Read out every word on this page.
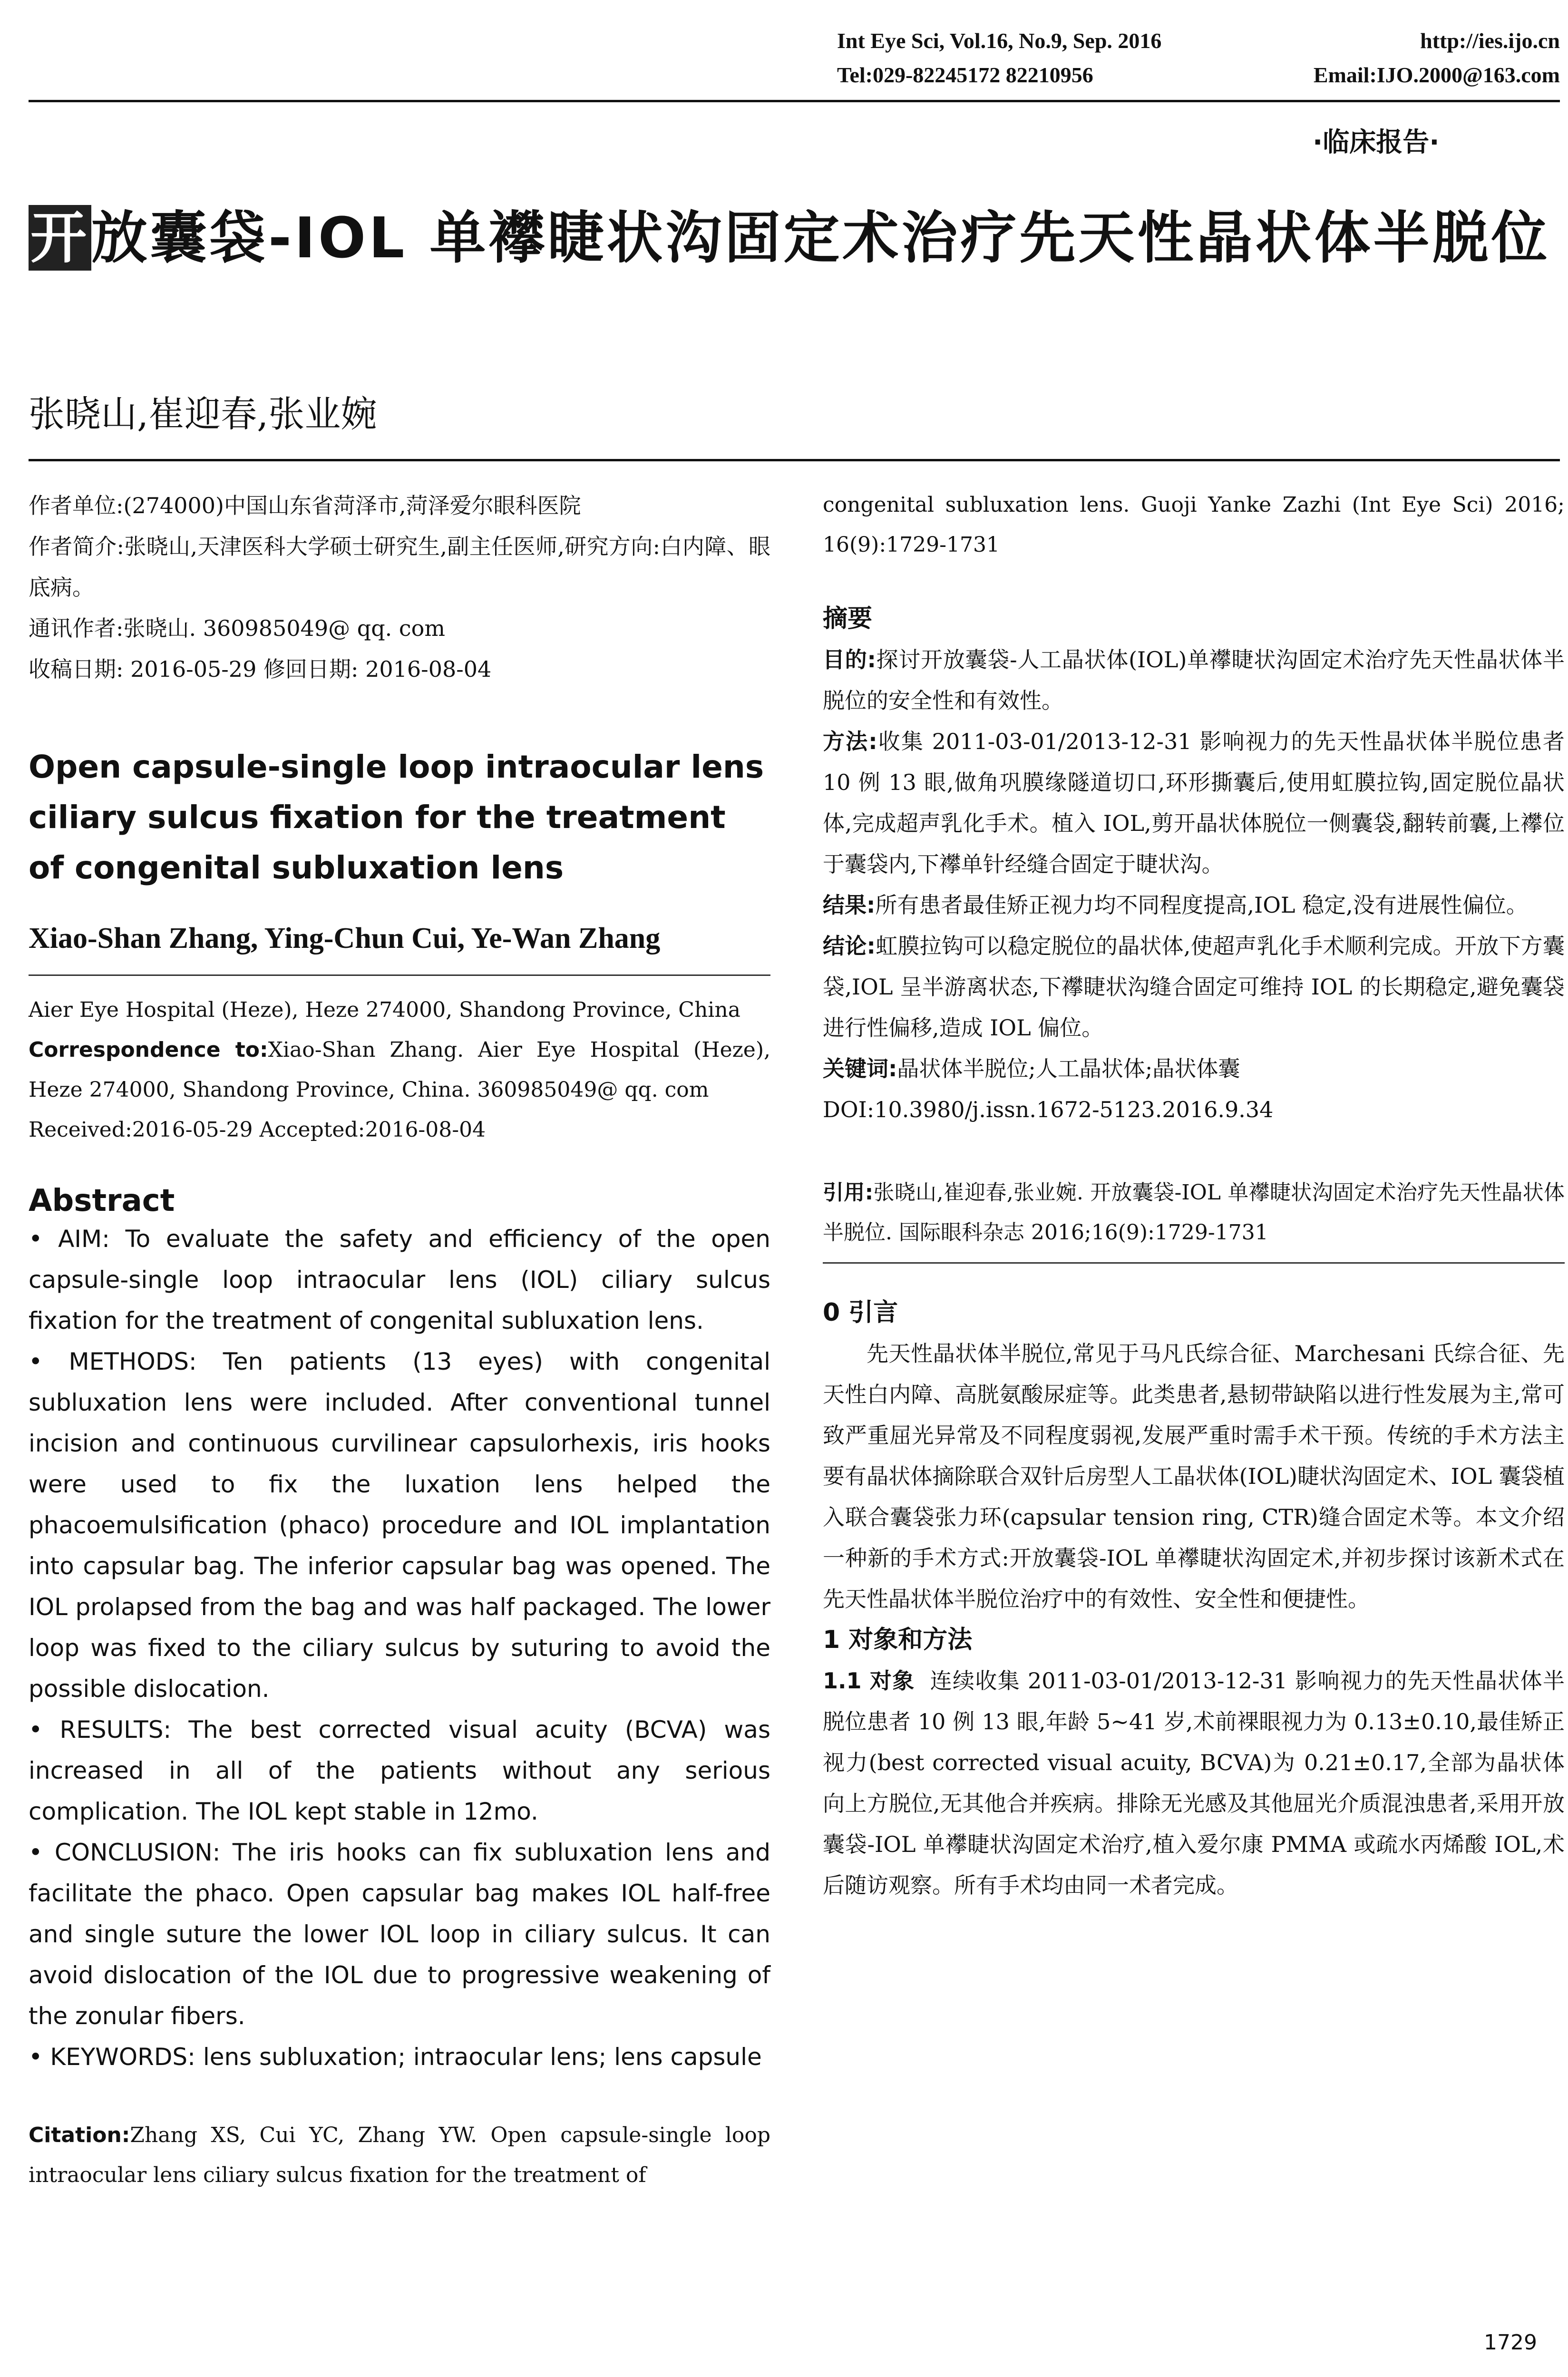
Int Eye Sci, Vol.16, No.9, Sep. 2016	http://ies.ijo.cn
Tel:029-82245172 82210956	Email:IJO.2000@163.com
·临床报告·
开放囊袋-IOL 单襻睫状沟固定术治疗先天性晶状体半脱位
张晓山,崔迎春,张业婉

作者单位:(274000)中国山东省菏泽市,菏泽爱尔眼科医院

作者简介:张晓山,天津医科大学硕士研究生,副主任医师,研究方向:白内障、眼底病。

通讯作者:张晓山. 360985049@ qq. com

收稿日期: 2016-05-29 修回日期: 2016-08-04

Open capsule-single loop intraocular lens ciliary sulcus fixation for the treatment of congenital subluxation lens

Xiao-Shan Zhang, Ying-Chun Cui, Ye-Wan Zhang

Aier Eye Hospital (Heze), Heze 274000, Shandong Province, China

Correspondence to:Xiao-Shan Zhang. Aier Eye Hospital (Heze), Heze 274000, Shandong Province, China. 360985049@ qq. com

Received:2016-05-29 Accepted:2016-08-04

Abstract

• AIM: To evaluate the safety and efficiency of the open capsule-single loop intraocular lens (IOL) ciliary sulcus fixation for the treatment of congenital subluxation lens.

• METHODS: Ten patients (13 eyes) with congenital subluxation lens were included. After conventional tunnel incision and continuous curvilinear capsulorhexis, iris hooks were used to fix the luxation lens helped the phacoemulsification (phaco) procedure and IOL implantation into capsular bag. The inferior capsular bag was opened. The IOL prolapsed from the bag and was half packaged. The lower loop was fixed to the ciliary sulcus by suturing to avoid the possible dislocation.

• RESULTS: The best corrected visual acuity (BCVA) was increased in all of the patients without any serious complication. The IOL kept stable in 12mo.

• CONCLUSION: The iris hooks can fix subluxation lens and facilitate the phaco. Open capsular bag makes IOL half-free and single suture the lower IOL loop in ciliary sulcus. It can avoid dislocation of the IOL due to progressive weakening of the zonular fibers.

• KEYWORDS: lens subluxation; intraocular lens; lens capsule

Citation:Zhang XS, Cui YC, Zhang YW. Open capsule-single loop intraocular lens ciliary sulcus fixation for the treatment of

congenital subluxation lens. Guoji Yanke Zazhi (Int Eye Sci) 2016; 16(9):1729-1731

摘要

目的:探讨开放囊袋-人工晶状体(IOL)单襻睫状沟固定术治疗先天性晶状体半脱位的安全性和有效性。

方法:收集 2011-03-01/2013-12-31 影响视力的先天性晶状体半脱位患者 10 例 13 眼,做角巩膜缘隧道切口,环形撕囊后,使用虹膜拉钩,固定脱位晶状体,完成超声乳化手术。植入 IOL,剪开晶状体脱位一侧囊袋,翻转前囊,上襻位于囊袋内,下襻单针经缝合固定于睫状沟。

结果:所有患者最佳矫正视力均不同程度提高,IOL 稳定,没有进展性偏位。

结论:虹膜拉钩可以稳定脱位的晶状体,使超声乳化手术顺利完成。开放下方囊袋,IOL 呈半游离状态,下襻睫状沟缝合固定可维持 IOL 的长期稳定,避免囊袋进行性偏移,造成 IOL 偏位。

关键词:晶状体半脱位;人工晶状体;晶状体囊

DOI:10.3980/j.issn.1672-5123.2016.9.34

引用:张晓山,崔迎春,张业婉. 开放囊袋-IOL 单襻睫状沟固定术治疗先天性晶状体半脱位. 国际眼科杂志 2016;16(9):1729-1731

0 引言

先天性晶状体半脱位,常见于马凡氏综合征、Marchesani 氏综合征、先天性白内障、高胱氨酸尿症等。此类患者,悬韧带缺陷以进行性发展为主,常可致严重屈光异常及不同程度弱视,发展严重时需手术干预。传统的手术方法主要有晶状体摘除联合双针后房型人工晶状体(IOL)睫状沟固定术、IOL 囊袋植入联合囊袋张力环(capsular tension ring, CTR)缝合固定术等。本文介绍一种新的手术方式:开放囊袋-IOL 单襻睫状沟固定术,并初步探讨该新术式在先天性晶状体半脱位治疗中的有效性、安全性和便捷性。

1 对象和方法

1.1 对象 连续收集 2011-03-01/2013-12-31 影响视力的先天性晶状体半脱位患者 10 例 13 眼,年龄 5~41 岁,术前裸眼视力为 0.13±0.10,最佳矫正视力(best corrected visual acuity, BCVA)为 0.21±0.17,全部为晶状体向上方脱位,无其他合并疾病。排除无光感及其他屈光介质混浊患者,采用开放囊袋-IOL 单襻睫状沟固定术治疗,植入爱尔康 PMMA 或疏水丙烯酸 IOL,术后随访观察。所有手术均由同一术者完成。

1729
